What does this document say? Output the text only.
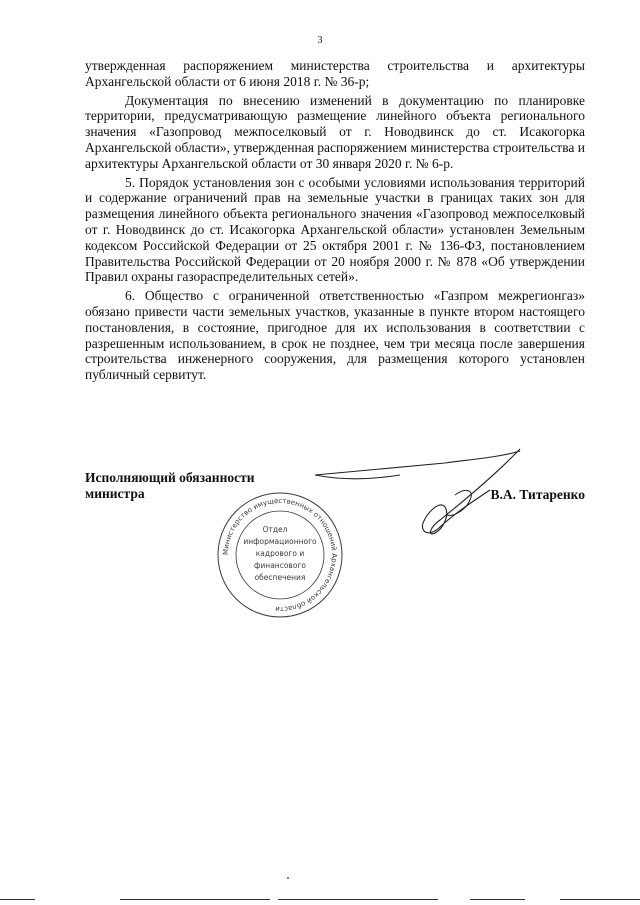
3

утвержденная распоряжением министерства строительства и архитектуры Архангельской области от 6 июня 2018 г. № 36-р;

Документация по внесению изменений в документацию по планировке территории, предусматривающую размещение линейного объекта регионального значения «Газопровод межпоселковый от г. Новодвинск до ст. Исакогорка Архангельской области», утвержденная распоряжением министерства строительства и архитектуры Архангельской области от 30 января 2020 г. № 6-р.

5. Порядок установления зон с особыми условиями использования территорий и содержание ограничений прав на земельные участки в границах таких зон для размещения линейного объекта регионального значения «Газопровод межпоселковый от г. Новодвинск до ст. Исакогорка Архангельской области» установлен Земельным кодексом Российской Федерации от 25 октября 2001 г. № 136-ФЗ, постановлением Правительства Российской Федерации от 20 ноября 2000 г. № 878 «Об утверждении Правил охраны газораспределительных сетей».

6. Общество с ограниченной ответственностью «Газпром межрегионгаз» обязано привести части земельных участков, указанные в пункте втором настоящего постановления, в состояние, пригодное для их использования в соответствии с разрешенным использованием, в срок не позднее, чем три месяца после завершения строительства инженерного сооружения, для размещения которого установлен публичный сервитут.

Исполняющий обязанности
министра	В.А. Титаренко
Министерство имущественных отношений Архангельской области
Отдел
информационного
кадрового и
финансового
обеспечения
